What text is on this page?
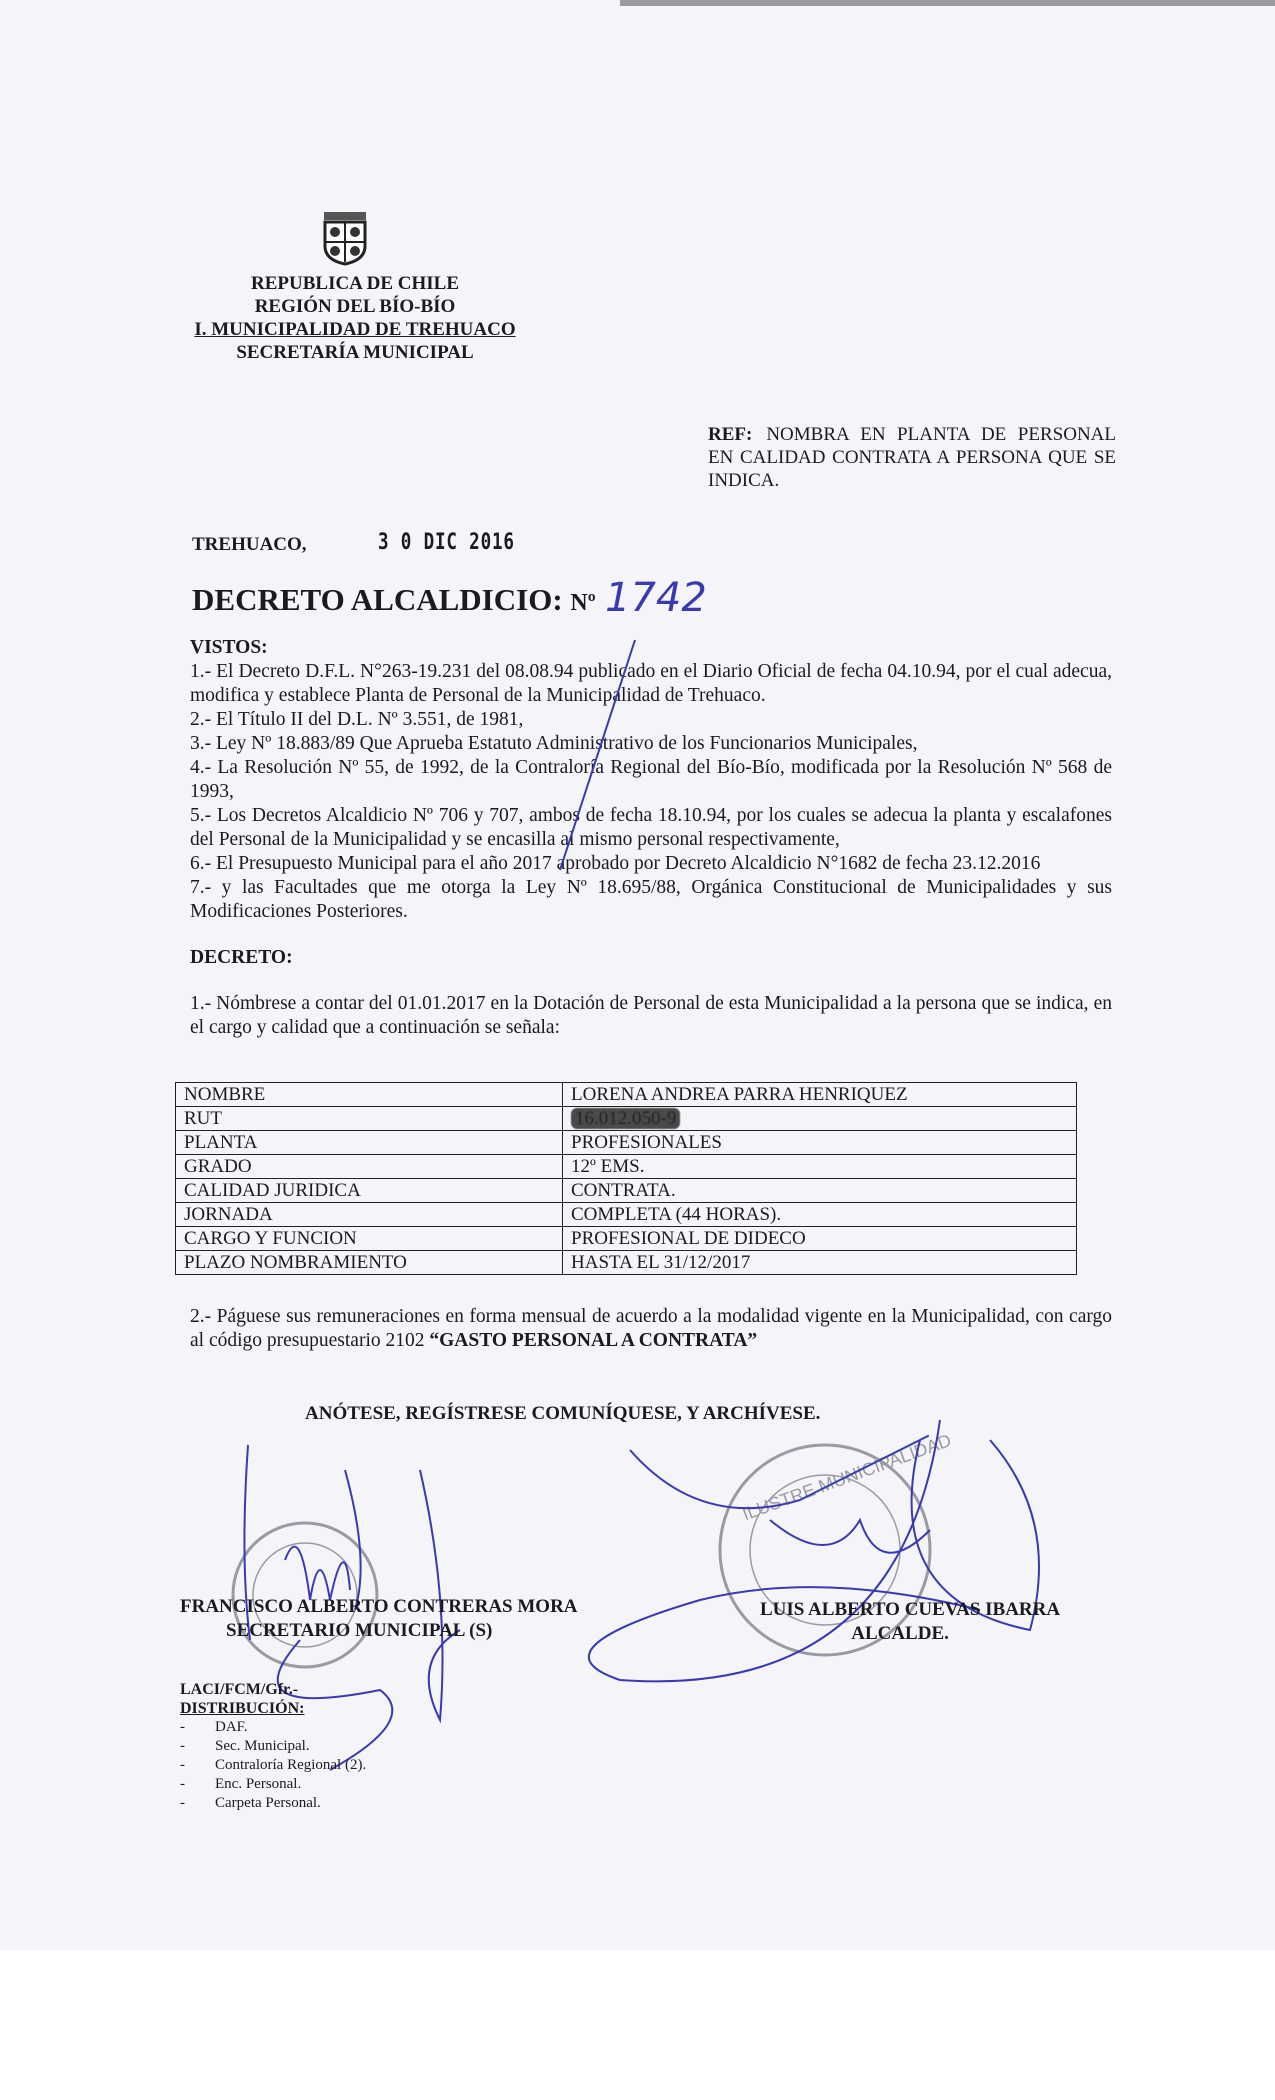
REPUBLICA DE CHILE
REGIÓN DEL BÍO-BÍO
I. MUNICIPALIDAD DE TREHUACO
SECRETARÍA MUNICIPAL
REF: NOMBRA EN PLANTA DE PERSONAL EN CALIDAD CONTRATA A PERSONA QUE SE INDICA.
TREHUACO,	3 0 DIC 2016
DECRETO ALCALDICIO: Nº 1742
VISTOS:
1.- El Decreto D.F.L. N°263-19.231 del 08.08.94 publicado en el Diario Oficial de fecha 04.10.94, por el cual adecua, modifica y establece Planta de Personal de la Municipalidad de Trehuaco.
2.- El Título II del D.L. Nº 3.551, de 1981,
3.- Ley Nº 18.883/89 Que Aprueba Estatuto Administrativo de los Funcionarios Municipales,
4.- La Resolución Nº 55, de 1992, de la Contraloría Regional del Bío-Bío, modificada por la Resolución Nº 568 de 1993,
5.- Los Decretos Alcaldicio Nº 706 y 707, ambos de fecha 18.10.94, por los cuales se adecua la planta y escalafones del Personal de la Municipalidad y se encasilla al mismo personal respectivamente,
6.- El Presupuesto Municipal para el año 2017 aprobado por Decreto Alcaldicio N°1682 de fecha 23.12.2016
7.- y las Facultades que me otorga la Ley Nº 18.695/88, Orgánica Constitucional de Municipalidades y sus Modificaciones Posteriores.
DECRETO:
1.- Nómbrese a contar del 01.01.2017 en la Dotación de Personal de esta Municipalidad a la persona que se indica, en el cargo y calidad que a continuación se señala:
NOMBRE	LORENA ANDREA PARRA HENRIQUEZ
RUT	16.012.050-9
PLANTA	PROFESIONALES
GRADO	12º EMS.
CALIDAD JURIDICA	CONTRATA.
JORNADA	COMPLETA (44 HORAS).
CARGO Y FUNCION	PROFESIONAL DE DIDECO
PLAZO NOMBRAMIENTO	HASTA EL 31/12/2017
2.- Páguese sus remuneraciones en forma mensual de acuerdo a la modalidad vigente en la Municipalidad, con cargo al código presupuestario 2102 “GASTO PERSONAL A CONTRATA”
ANÓTESE, REGÍSTRESE COMUNÍQUESE, Y ARCHÍVESE.
ILUSTRE MUNICIPALIDAD
FRANCISCO ALBERTO CONTRERAS MORA
SECRETARIO MUNICIPAL (S)
LUIS ALBERTO CUEVAS IBARRA
ALCALDE.
LACI/FCM/Gfr.-
DISTRIBUCIÓN:
-	DAF.
-	Sec. Municipal.
-	Contraloría Regional (2).
-	Enc. Personal.
-	Carpeta Personal.
